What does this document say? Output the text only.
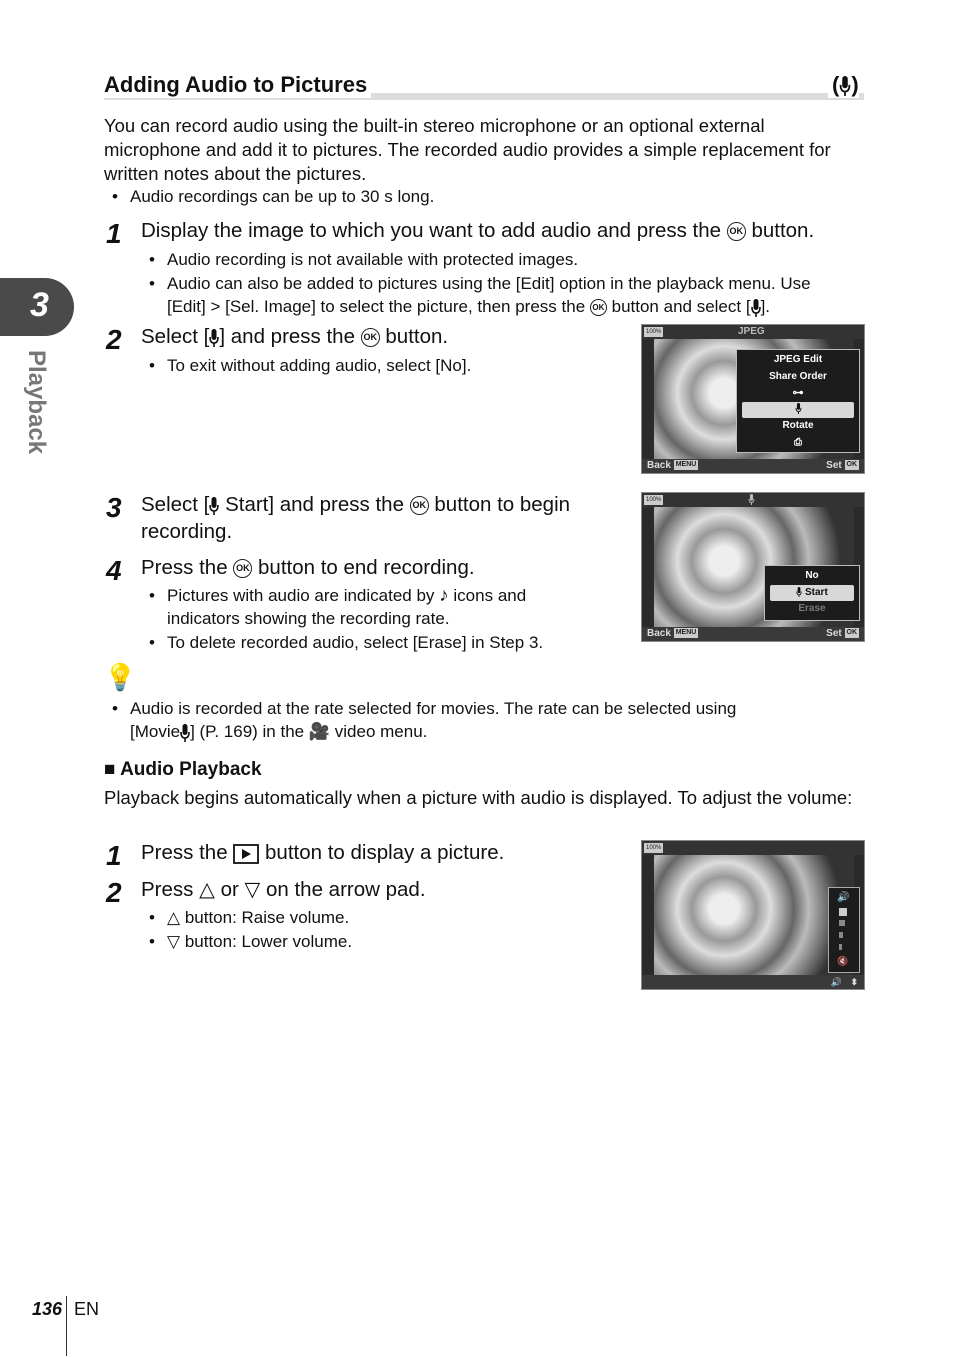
3
Playback
Adding Audio to Pictures	( )
You can record audio using the built-in stereo microphone or an optional external microphone and add it to pictures. The recorded audio provides a simple replacement for written notes about the pictures.
• Audio recordings can be up to 30 s long.
1 Display the image to which you want to add audio and press the OK button.
• Audio recording is not available with protected images.
• Audio can also be added to pictures using the [Edit] option in the playback menu. Use
[Edit] > [Sel. Image] to select the picture, then press the OK button and select [ ].
2 Select [ ] and press the OK button.
• To exit without adding audio, select [No].
100%	JPEG
JPEG Edit
Share Order
⊶
Rotate
⎙
Back MENU	Set OK
3 Select [ Start] and press the OK button to begin
recording.
4 Press the OK button to end recording.
• Pictures with audio are indicated by ♪ icons and
indicators showing the recording rate.
• To delete recorded audio, select [Erase] in Step 3.
100%
No
Start
Erase
Back MENU	Set OK
💡
• Audio is recorded at the rate selected for movies. The rate can be selected using
[Movie ] (P. 169) in the 🎥 video menu.
■ Audio Playback
Playback begins automatically when a picture with audio is displayed. To adjust the volume:
1 Press the button to display a picture.
2 Press △ or ▽ on the arrow pad.
• △ button: Raise volume.
• ▽ button: Lower volume.
100%
🔊
🔇
🔊 ⬍
136 EN
